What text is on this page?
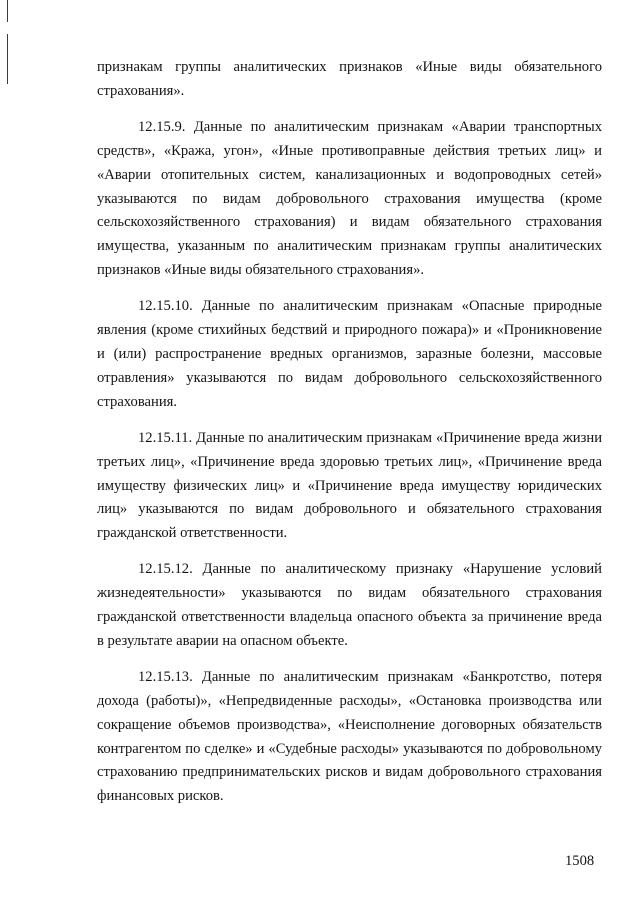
признакам группы аналитических признаков «Иные виды обязательного страхования».

12.15.9. Данные по аналитическим признакам «Аварии транспортных средств», «Кража, угон», «Иные противоправные действия третьих лиц» и «Аварии отопительных систем, канализационных и водопроводных сетей» указываются по видам добровольного страхования имущества (кроме сельскохозяйственного страхования) и видам обязательного страхования имущества, указанным по аналитическим признакам группы аналитических признаков «Иные виды обязательного страхования».

12.15.10. Данные по аналитическим признакам «Опасные природные явления (кроме стихийных бедствий и природного пожара)» и «Проникновение и (или) распространение вредных организмов, заразные болезни, массовые отравления» указываются по видам добровольного сельскохозяйственного страхования.

12.15.11. Данные по аналитическим признакам «Причинение вреда жизни третьих лиц», «Причинение вреда здоровью третьих лиц», «Причинение вреда имуществу физических лиц» и «Причинение вреда имуществу юридических лиц» указываются по видам добровольного и обязательного страхования гражданской ответственности.

12.15.12. Данные по аналитическому признаку «Нарушение условий жизнедеятельности» указываются по видам обязательного страхования гражданской ответственности владельца опасного объекта за причинение вреда в результате аварии на опасном объекте.

12.15.13. Данные по аналитическим признакам «Банкротство, потеря дохода (работы)», «Непредвиденные расходы», «Остановка производства или сокращение объемов производства», «Неисполнение договорных обязательств контрагентом по сделке» и «Судебные расходы» указываются по добровольному страхованию предпринимательских рисков и видам добровольного страхования финансовых рисков.

1508
